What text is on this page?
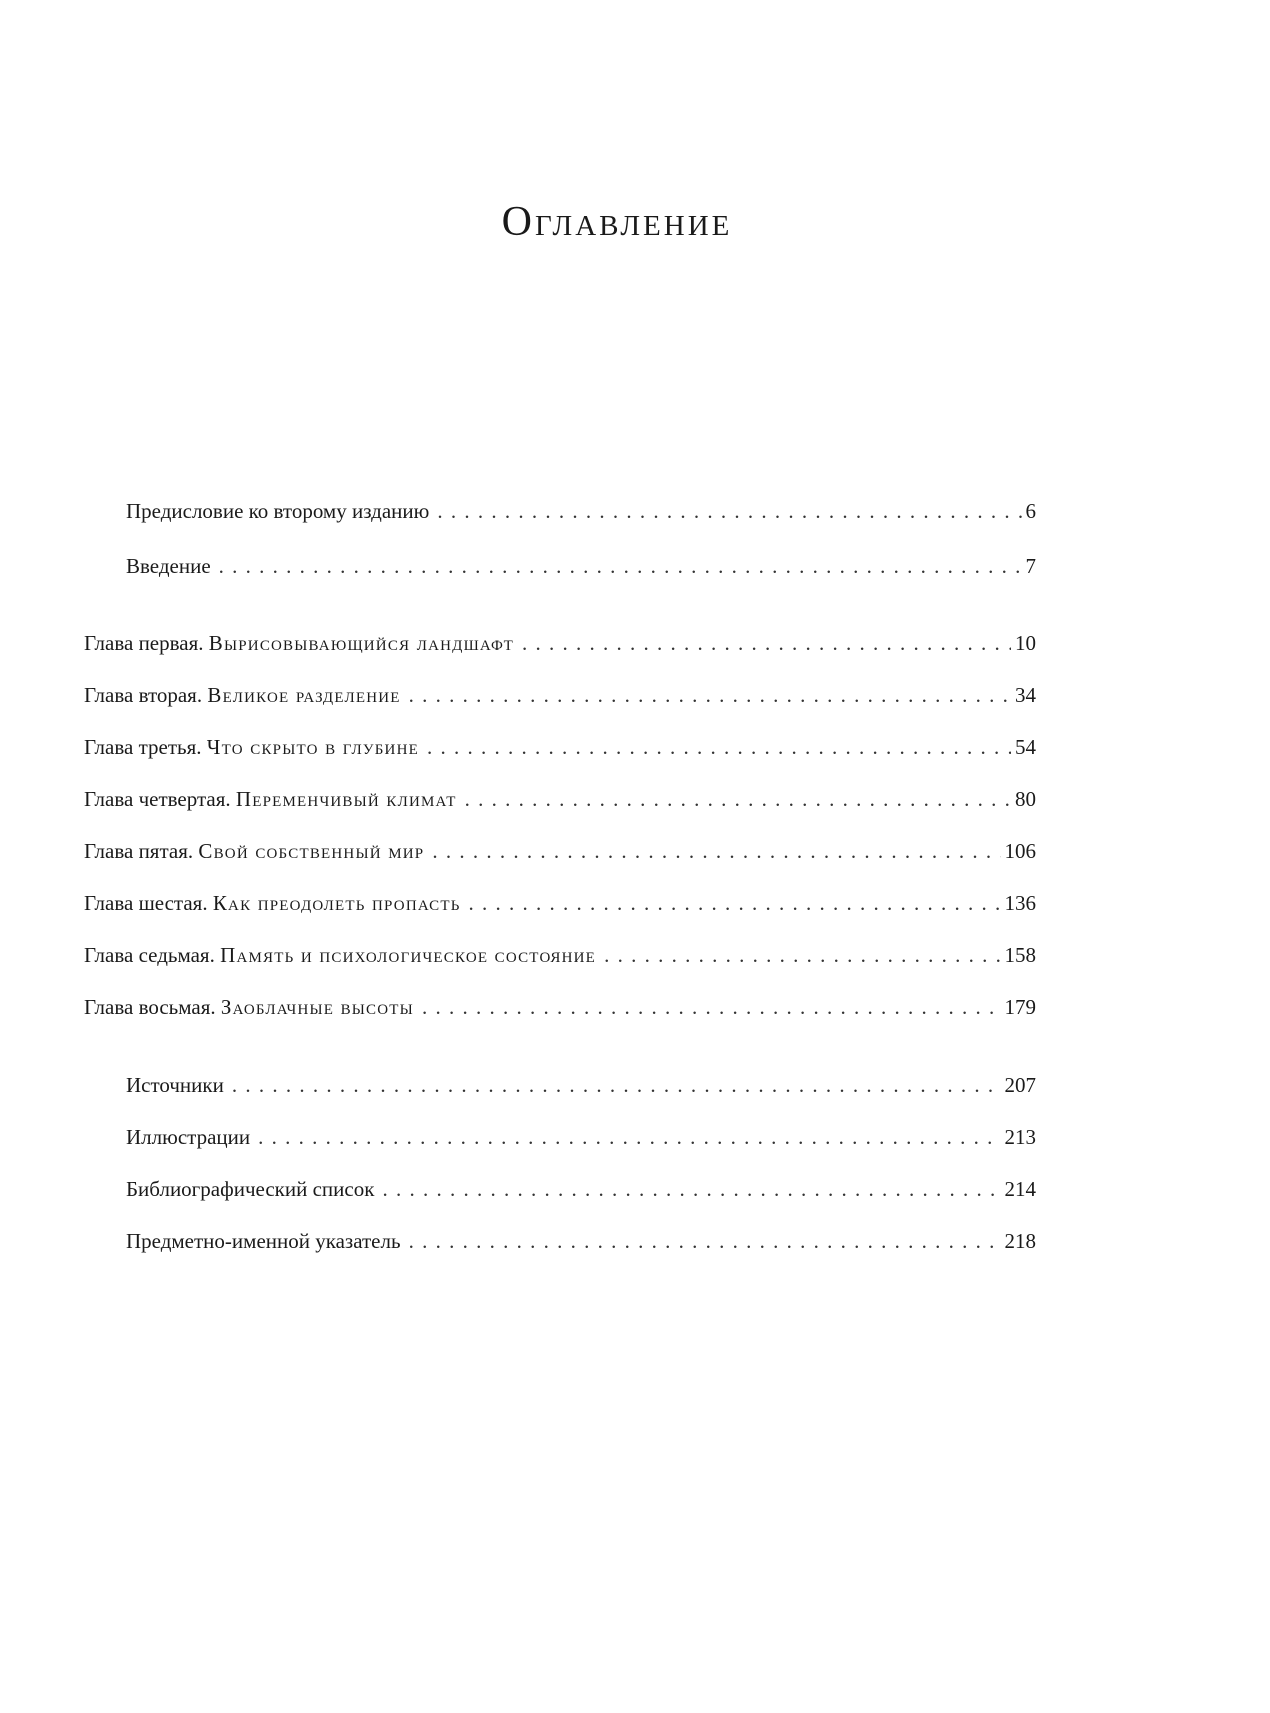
Оглавление
Предисловие ко второму изданию . . .	6
Введение . . .	7
Глава первая. Вырисовывающийся ландшафт . . .	10
Глава вторая. Великое разделение . . .	34
Глава третья. Что скрыто в глубине . . .	54
Глава четвертая. Переменчивый климат . . .	80
Глава пятая. Свой собственный мир . . .	106
Глава шестая. Как преодолеть пропасть . . .	136
Глава седьмая. Память и психологическое состояние . . .	158
Глава восьмая. Заоблачные высоты . . .	179
Источники . . .	207
Иллюстрации . . .	213
Библиографический список . . .	214
Предметно-именной указатель . . .	218
